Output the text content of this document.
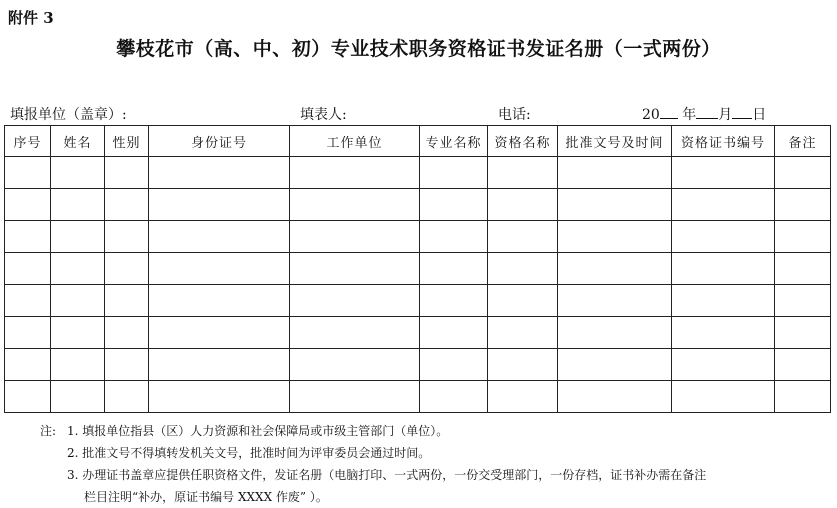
附件 3
攀枝花市（高、中、初）专业技术职务资格证书发证名册（一式两份）
填报单位（盖章）:	填表人:	电话:	20 年 月 日
序号	姓名	性别	身份证号	工作单位	专业名称	资格名称	批准文号及时间	资格证书编号	备注

注: 1. 填报单位指县（区）人力资源和社会保障局或市级主管部门（单位）。
2. 批准文号不得填转发机关文号，批准时间为评审委员会通过时间。
3. 办理证书盖章应提供任职资格文件，发证名册（电脑打印、一式两份，一份交受理部门，一份存档，证书补办需在备注
栏目注明“补办，原证书编号 XXXX 作废” ）。
